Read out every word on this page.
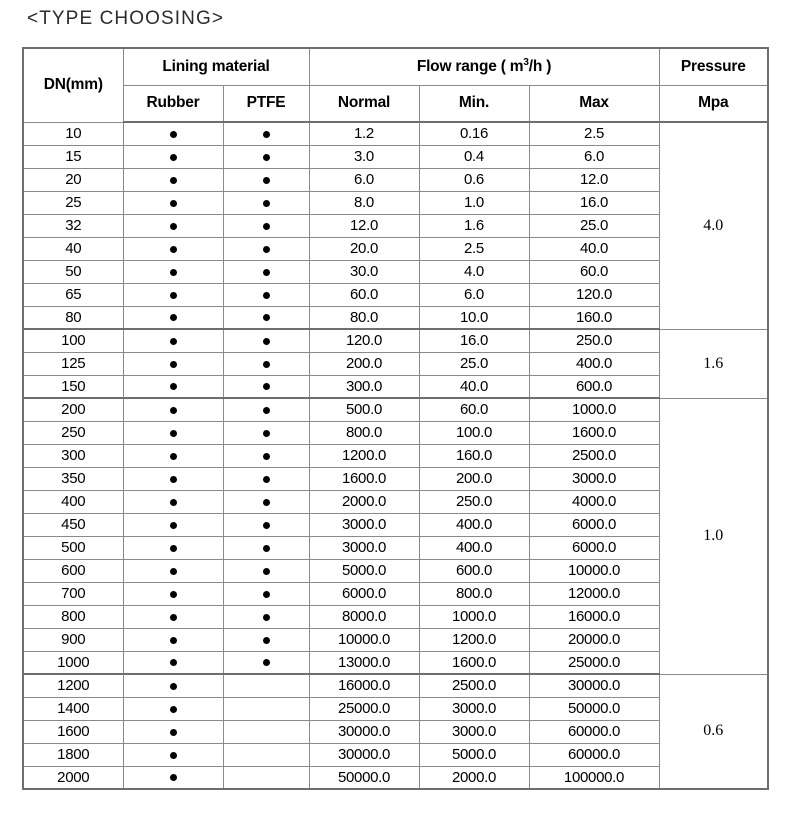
<TYPE CHOOSING>
DN(mm)	Lining material		Flow range ( $m^3/h$ )			Pressure
	Rubber	PTFE	Normal	Min.	Max	Mpa
10			1.2	0.16	2.5	4.0
15			3.0	0.4	6.0	
20			6.0	0.6	12.0	
25			8.0	1.0	16.0	
32			12.0	1.6	25.0	
40			20.0	2.5	40.0	
50			30.0	4.0	60.0	
65			60.0	6.0	120.0	
80			80.0	10.0	160.0	
100			120.0	16.0	250.0	1.6
125			200.0	25.0	400.0	
150			300.0	40.0	600.0	
200			500.0	60.0	1000.0	1.0
250			800.0	100.0	1600.0	
300			1200.0	160.0	2500.0	
350			1600.0	200.0	3000.0	
400			2000.0	250.0	4000.0	
450			3000.0	400.0	6000.0	
500			3000.0	400.0	6000.0	
600			5000.0	600.0	10000.0	
700			6000.0	800.0	12000.0	
800			8000.0	1000.0	16000.0	
900			10000.0	1200.0	20000.0	
1000			13000.0	1600.0	25000.0	
1200			16000.0	2500.0	30000.0	0.6
1400			25000.0	3000.0	50000.0	
1600			30000.0	3000.0	60000.0	
1800			30000.0	5000.0	60000.0	
2000			50000.0	2000.0	100000.0	
